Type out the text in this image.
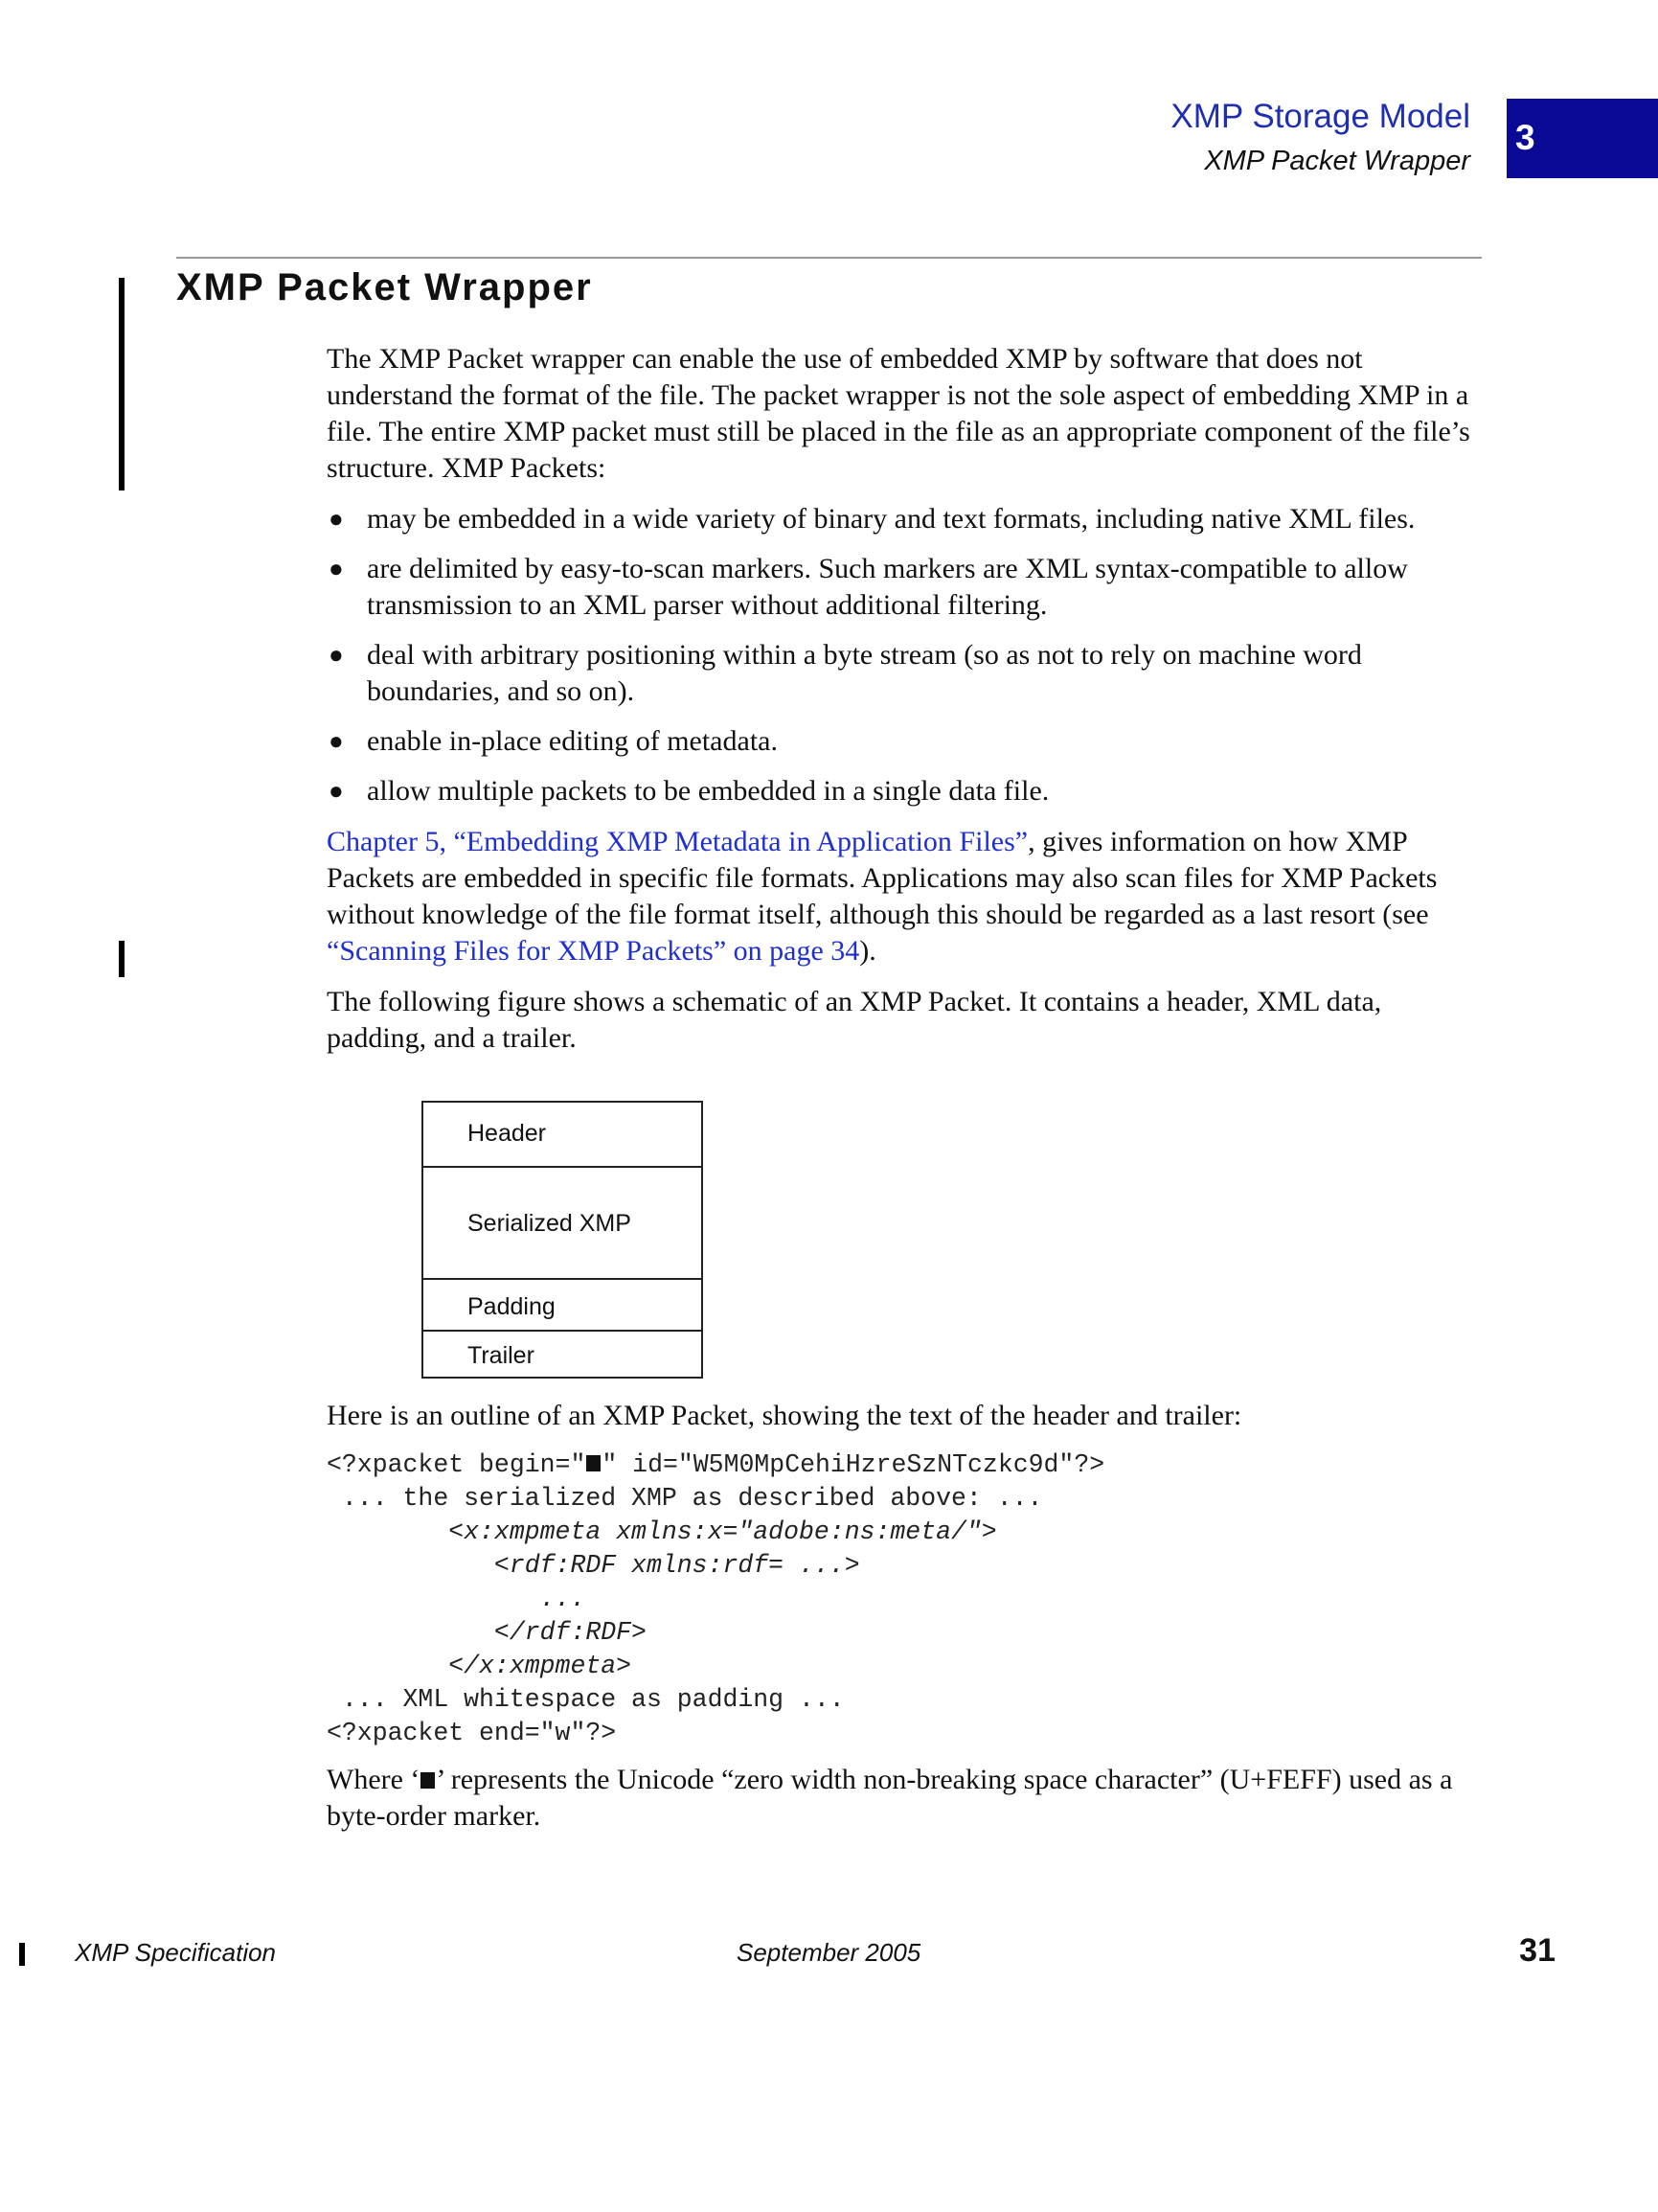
XMP Storage Model
XMP Packet Wrapper
3
XMP Packet Wrapper

The XMP Packet wrapper can enable the use of embedded XMP by software that does not understand the format of the file. The packet wrapper is not the sole aspect of embedding XMP in a file. The entire XMP packet must still be placed in the file as an appropriate component of the file’s structure. XMP Packets:

● may be embedded in a wide variety of binary and text formats, including native XML files.
● are delimited by easy-to-scan markers. Such markers are XML syntax-compatible to allow transmission to an XML parser without additional filtering.
● deal with arbitrary positioning within a byte stream (so as not to rely on machine word boundaries, and so on).
● enable in-place editing of metadata.
● allow multiple packets to be embedded in a single data file.

Chapter 5, “Embedding XMP Metadata in Application Files”, gives information on how XMP Packets are embedded in specific file formats. Applications may also scan files for XMP Packets without knowledge of the file format itself, although this should be regarded as a last resort (see “Scanning Files for XMP Packets” on page 34).

The following figure shows a schematic of an XMP Packet. It contains a header, XML data, padding, and a trailer.

Header
Serialized XMP
Padding
Trailer

Here is an outline of an XMP Packet, showing the text of the header and trailer:

<?xpacket begin=" " id="W5M0MpCehiHzreSzNTczkc9d"?>
... the serialized XMP as described above: ...
<x:xmpmeta xmlns:x="adobe:ns:meta/">
<rdf:RDF xmlns:rdf= ...>
...
</rdf:RDF>
</x:xmpmeta>
... XML whitespace as padding ...
<?xpacket end="w"?>

Where ‘ ’ represents the Unicode “zero width non-breaking space character” (U+FEFF) used as a byte-order marker.

XMP Specification	September 2005	31
